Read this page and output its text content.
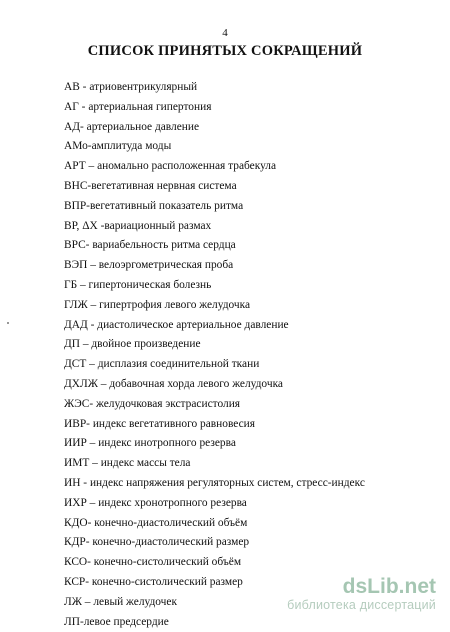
4
СПИСОК ПРИНЯТЫХ СОКРАЩЕНИЙ
АВ - атриовентрикулярный
АГ - артериальная гипертония
АД- артериальное давление
АМо-амплитуда моды
АРТ – аномально расположенная трабекула
ВНС-вегетативная нервная система
ВПР-вегетативный показатель ритма
ВР, ΔX -вариационный размах
ВРС- вариабельность ритма сердца
ВЭП – велоэргометрическая проба
ГБ – гипертоническая болезнь
ГЛЖ – гипертрофия левого желудочка
ДАД - диастолическое артериальное давление
ДП – двойное произведение
ДСТ – дисплазия соединительной ткани
ДХЛЖ – добавочная хорда левого желудочка
ЖЭС- желудочковая экстрасистолия
ИВР- индекс вегетативного равновесия
ИИР – индекс инотропного резерва
ИМТ – индекс массы тела
ИН - индекс напряжения регуляторных систем, стресс-индекс
ИХР – индекс хронотропного резерва
КДО- конечно-диастолический объём
КДР- конечно-диастолический размер
КСО- конечно-систолический объём
КСР- конечно-систолический размер
ЛЖ – левый желудочек
ЛП-левое предсердие
dsLib.net
библиотека диссертаций
